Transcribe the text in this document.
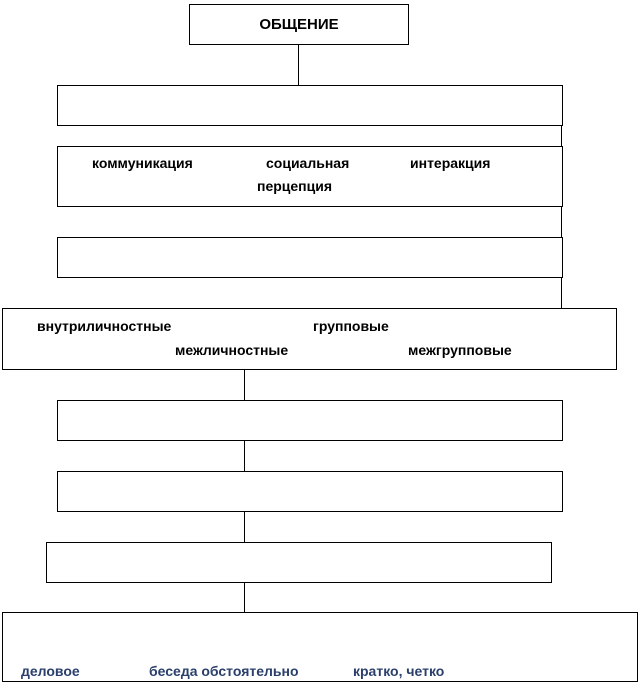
ОБЩЕНИЕ
коммуникация	социальная	интеракция
перцепция
внутриличностные	групповые
межличностные	межгрупповые
деловое	беседа обстоятельно	кратко, четко
